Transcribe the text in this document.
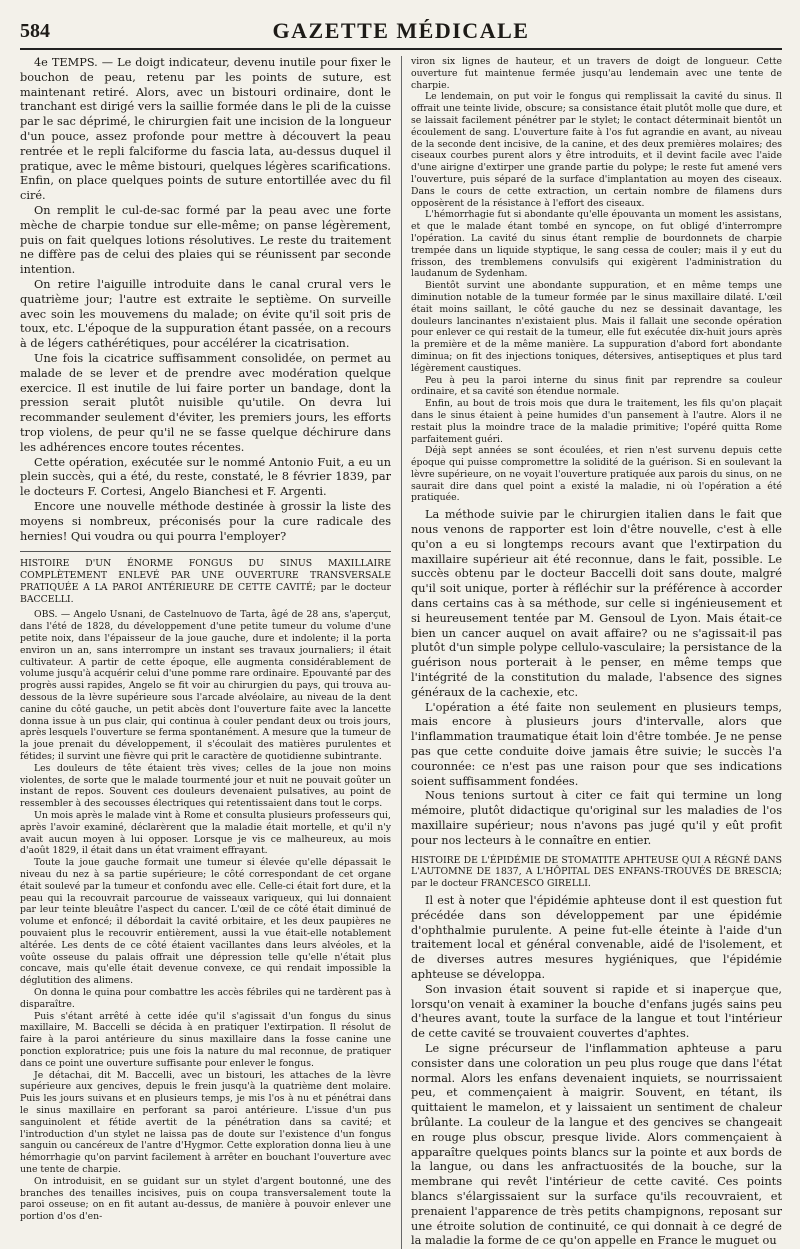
584	GAZETTE MÉDICALE

4e TEMPS. — Le doigt indicateur, devenu inutile pour fixer le bouchon de peau, retenu par les points de suture, est maintenant retiré. Alors, avec un bistouri ordinaire, dont le tranchant est dirigé vers la saillie formée dans le pli de la cuisse par le sac déprimé, le chirurgien fait une incision de la longueur d'un pouce, assez profonde pour mettre à découvert la peau rentrée et le repli falciforme du fascia lata, au-dessus duquel il pratique, avec le même bistouri, quelques légères scarifications. Enfin, on place quelques points de suture entortillée avec du fil ciré.

On remplit le cul-de-sac formé par la peau avec une forte mèche de charpie tondue sur elle-même; on panse légèrement, puis on fait quelques lotions résolutives. Le reste du traitement ne diffère pas de celui des plaies qui se réunissent par seconde intention.

On retire l'aiguille introduite dans le canal crural vers le quatrième jour; l'autre est extraite le septième. On surveille avec soin les mouvemens du malade; on évite qu'il soit pris de toux, etc. L'époque de la suppuration étant passée, on a recours à de légers cathérétiques, pour accélérer la cicatrisation.

Une fois la cicatrice suffisamment consolidée, on permet au malade de se lever et de prendre avec modération quelque exercice. Il est inutile de lui faire porter un bandage, dont la pression serait plutôt nuisible qu'utile. On devra lui recommander seulement d'éviter, les premiers jours, les efforts trop violens, de peur qu'il ne se fasse quelque déchirure dans les adhérences encore toutes récentes.

Cette opération, exécutée sur le nommé Antonio Fuit, a eu un plein succès, qui a été, du reste, constaté, le 8 février 1839, par le docteurs F. Cortesi, Angelo Bianchesi et F. Argenti.

Encore une nouvelle méthode destinée à grossir la liste des moyens si nombreux, préconisés pour la cure radicale des hernies! Qui voudra ou qui pourra l'employer?

HISTOIRE D'UN ÉNORME FONGUS DU SINUS MAXILLAIRE COMPLÈTEMENT ENLEVÉ PAR UNE OUVERTURE TRANSVERSALE PRATIQUÉE A LA PAROI ANTÉRIEURE DE CETTE CAVITÉ; par le docteur BACCELLI.

OBS. — Angelo Usnani, de Castelnuovo de Tarta, âgé de 28 ans, s'aperçut, dans l'été de 1828, du développement d'une petite tumeur du volume d'une petite noix, dans l'épaisseur de la joue gauche, dure et indolente; il la porta environ un an, sans interrompre un instant ses travaux journaliers; il était cultivateur. A partir de cette époque, elle augmenta considérablement de volume jusqu'à acquérir celui d'une pomme rare ordinaire. Epouvanté par des progrès aussi rapides, Angelo se fit voir au chirurgien du pays, qui trouva au-dessous de la lèvre supérieure sous l'arcade alvéolaire, au niveau de la dent canine du côté gauche, un petit abcès dont l'ouverture faite avec la lancette donna issue à un pus clair, qui continua à couler pendant deux ou trois jours, après lesquels l'ouverture se ferma spontanément. A mesure que la tumeur de la joue prenait du développement, il s'écoulait des matières purulentes et fétides; il survint une fièvre qui prit le caractère de quotidienne subintrante.

Les douleurs de tête étaient très vives; celles de la joue non moins violentes, de sorte que le malade tourmenté jour et nuit ne pouvait goûter un instant de repos. Souvent ces douleurs devenaient pulsatives, au point de ressembler à des secousses électriques qui retentissaient dans tout le corps.

Un mois après le malade vint à Rome et consulta plusieurs professeurs qui, après l'avoir examiné, déclarèrent que la maladie était mortelle, et qu'il n'y avait aucun moyen à lui opposer. Lorsque je vis ce malheureux, au mois d'août 1829, il était dans un état vraiment effrayant.

Toute la joue gauche formait une tumeur si élevée qu'elle dépassait le niveau du nez à sa partie supérieure; le côté correspondant de cet organe était soulevé par la tumeur et confondu avec elle. Celle-ci était fort dure, et la peau qui la recouvrait parcourue de vaisseaux variqueux, qui lui donnaient par leur teinte bleuâtre l'aspect du cancer. L'œil de ce côté était diminué de volume et enfoncé; il débordait la cavité orbitaire, et les deux paupières ne pouvaient plus le recouvrir entièrement, aussi la vue était-elle notablement altérée. Les dents de ce côté étaient vacillantes dans leurs alvéoles, et la voûte osseuse du palais offrait une dépression telle qu'elle n'était plus concave, mais qu'elle était devenue convexe, ce qui rendait impossible la déglutition des alimens.

On donna le quina pour combattre les accès fébriles qui ne tardèrent pas à disparaître.

Puis s'étant arrêté à cette idée qu'il s'agissait d'un fongus du sinus maxillaire, M. Baccelli se décida à en pratiquer l'extirpation. Il résolut de faire à la paroi antérieure du sinus maxillaire dans la fosse canine une ponction exploratrice; puis une fois la nature du mal reconnue, de pratiquer dans ce point une ouverture suffisante pour enlever le fongus.

Je détachai, dit M. Baccelli, avec un bistouri, les attaches de la lèvre supérieure aux gencives, depuis le frein jusqu'à la quatrième dent molaire. Puis les jours suivans et en plusieurs temps, je mis l'os à nu et pénétrai dans le sinus maxillaire en perforant sa paroi antérieure. L'issue d'un pus sanguinolent et fétide avertit de la pénétration dans sa cavité; et l'introduction d'un stylet ne laissa pas de doute sur l'existence d'un fongus sanguin ou cancéreux de l'antre d'Hygmor. Cette exploration donna lieu à une hémorrhagie qu'on parvint facilement à arrêter en bouchant l'ouverture avec une tente de charpie.

On introduisit, en se guidant sur un stylet d'argent boutonné, une des branches des tenailles incisives, puis on coupa transversalement toute la paroi osseuse; on en fit autant au-dessus, de manière à pouvoir enlever une portion d'os d'en-

viron six lignes de hauteur, et un travers de doigt de longueur. Cette ouverture fut maintenue fermée jusqu'au lendemain avec une tente de charpie.

Le lendemain, on put voir le fongus qui remplissait la cavité du sinus. Il offrait une teinte livide, obscure; sa consistance était plutôt molle que dure, et se laissait facilement pénétrer par le stylet; le contact déterminait bientôt un écoulement de sang. L'ouverture faite à l'os fut agrandie en avant, au niveau de la seconde dent incisive, de la canine, et des deux premières molaires; des ciseaux courbes purent alors y être introduits, et il devint facile avec l'aide d'une airigne d'extirper une grande partie du polype; le reste fut amené vers l'ouverture, puis séparé de la surface d'implantation au moyen des ciseaux. Dans le cours de cette extraction, un certain nombre de filamens durs opposèrent de la résistance à l'effort des ciseaux.

L'hémorrhagie fut si abondante qu'elle épouvanta un moment les assistans, et que le malade étant tombé en syncope, on fut obligé d'interrompre l'opération. La cavité du sinus étant remplie de bourdonnets de charpie trempée dans un liquide styptique, le sang cessa de couler; mais il y eut du frisson, des tremblemens convulsifs qui exigèrent l'administration du laudanum de Sydenham.

Bientôt survint une abondante suppuration, et en même temps une diminution notable de la tumeur formée par le sinus maxillaire dilaté. L'œil était moins saillant, le côté gauche du nez se dessinait davantage, les douleurs lancinantes n'existaient plus. Mais il fallait une seconde opération pour enlever ce qui restait de la tumeur, elle fut exécutée dix-huit jours après la première et de la même manière. La suppuration d'abord fort abondante diminua; on fit des injections toniques, détersives, antiseptiques et plus tard légèrement caustiques.

Peu à peu la paroi interne du sinus finit par reprendre sa couleur ordinaire, et sa cavité son étendue normale.

Enfin, au bout de trois mois que dura le traitement, les fils qu'on plaçait dans le sinus étaient à peine humides d'un pansement à l'autre. Alors il ne restait plus la moindre trace de la maladie primitive; l'opéré quitta Rome parfaitement guéri.

Déjà sept années se sont écoulées, et rien n'est survenu depuis cette époque qui puisse compromettre la solidité de la guérison. Si en soulevant la lèvre supérieure, on ne voyait l'ouverture pratiquée aux parois du sinus, on ne saurait dire dans quel point a existé la maladie, ni où l'opération a été pratiquée.

La méthode suivie par le chirurgien italien dans le fait que nous venons de rapporter est loin d'être nouvelle, c'est à elle qu'on a eu si longtemps recours avant que l'extirpation du maxillaire supérieur ait été reconnue, dans le fait, possible. Le succès obtenu par le docteur Baccelli doit sans doute, malgré qu'il soit unique, porter à réfléchir sur la préférence à accorder dans certains cas à sa méthode, sur celle si ingénieusement et si heureusement tentée par M. Gensoul de Lyon. Mais était-ce bien un cancer auquel on avait affaire? ou ne s'agissait-il pas plutôt d'un simple polype cellulo-vasculaire; la persistance de la guérison nous porterait à le penser, en même temps que l'intégrité de la constitution du malade, l'absence des signes généraux de la cachexie, etc.

L'opération a été faite non seulement en plusieurs temps, mais encore à plusieurs jours d'intervalle, alors que l'inflammation traumatique était loin d'être tombée. Je ne pense pas que cette conduite doive jamais être suivie; le succès l'a couronnée: ce n'est pas une raison pour que ses indications soient suffisamment fondées.

Nous tenions surtout à citer ce fait qui termine un long mémoire, plutôt didactique qu'original sur les maladies de l'os maxillaire supérieur; nous n'avons pas jugé qu'il y eût profit pour nos lecteurs à le connaître en entier.

HISTOIRE DE L'ÉPIDÉMIE DE STOMATITE APHTEUSE QUI A RÉGNÉ DANS L'AUTOMNE DE 1837, A L'HÔPITAL DES ENFANS-TROUVÉS DE BRESCIA; par le docteur FRANCESCO GIRELLI.

Il est à noter que l'épidémie aphteuse dont il est question fut précédée dans son développement par une épidémie d'ophthalmie purulente. A peine fut-elle éteinte à l'aide d'un traitement local et général convenable, aidé de l'isolement, et de diverses autres mesures hygiéniques, que l'épidémie aphteuse se développa.

Son invasion était souvent si rapide et si inaperçue que, lorsqu'on venait à examiner la bouche d'enfans jugés sains peu d'heures avant, toute la surface de la langue et tout l'intérieur de cette cavité se trouvaient couvertes d'aphtes.

Le signe précurseur de l'inflammation aphteuse a paru consister dans une coloration un peu plus rouge que dans l'état normal. Alors les enfans devenaient inquiets, se nourrissaient peu, et commençaient à maigrir. Souvent, en tétant, ils quittaient le mamelon, et y laissaient un sentiment de chaleur brûlante. La couleur de la langue et des gencives se changeait en rouge plus obscur, presque livide. Alors commençaient à apparaître quelques points blancs sur la pointe et aux bords de la langue, ou dans les anfractuosités de la bouche, sur la membrane qui revêt l'intérieur de cette cavité. Ces points blancs s'élargissaient sur la surface qu'ils recouvraient, et prenaient l'apparence de très petits champignons, reposant sur une étroite solution de continuité, ce qui donnait à ce degré de la maladie la forme de ce qu'on appelle en France le muguet ou
